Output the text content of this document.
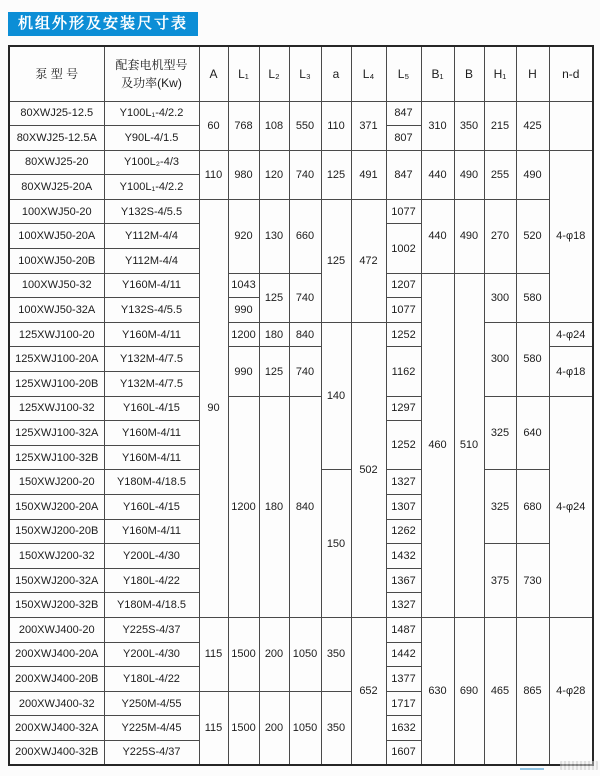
机组外形及安装尺寸表
泵 型 号	配套电机型号
及功率(Kw)	A	L₁	L₂	L₃	a	L₄	L₅	B₁	B	H₁	H	n-d
80XWJ25-12.5	Y100L₁-4/2.2	60	768	108	550	110	371	847	310	350	215	425	
80XWJ25-12.5A	Y90L-4/1.5							807					
80XWJ25-20	Y100L₂-4/3	110	980	120	740	125	491	847	440	490	255	490	4-φ18
80XWJ25-20A	Y100L₁-4/2.2												
100XWJ50-20	Y132S-4/5.5	90	920	130	660	125	472	1077	440	490	270	520	
100XWJ50-20A	Y112M-4/4							1002					
100XWJ50-20B	Y112M-4/4												
100XWJ50-32	Y160M-4/11		1043	125	740			1207	460	510	300	580	
100XWJ50-32A	Y132S-4/5.5		990					1077					
125XWJ100-20	Y160M-4/11		1200	180	840	140	502	1252			300	580	4-φ24
125XWJ100-20A	Y132M-4/7.5		990	125	740			1162					4-φ18
125XWJ100-20B	Y132M-4/7.5												
125XWJ100-32	Y160L-4/15		1200	180	840			1297			325	640	4-φ24
125XWJ100-32A	Y160M-4/11							1252					
125XWJ100-32B	Y160M-4/11												
150XWJ200-20	Y180M-4/18.5					150		1327			325	680	
150XWJ200-20A	Y160L-4/15							1307					
150XWJ200-20B	Y160M-4/11							1262					
150XWJ200-32	Y200L-4/30							1432			375	730	
150XWJ200-32A	Y180L-4/22							1367					
150XWJ200-32B	Y180M-4/18.5							1327					
200XWJ400-20	Y225S-4/37	115	1500	200	1050	350	652	1487	630	690	465	865	4-φ28
200XWJ400-20A	Y200L-4/30							1442					
200XWJ400-20B	Y180L-4/22							1377					
200XWJ400-32	Y250M-4/55	115	1500	200	1050	350		1717					
200XWJ400-32A	Y225M-4/45							1632					
200XWJ400-32B	Y225S-4/37							1607					
